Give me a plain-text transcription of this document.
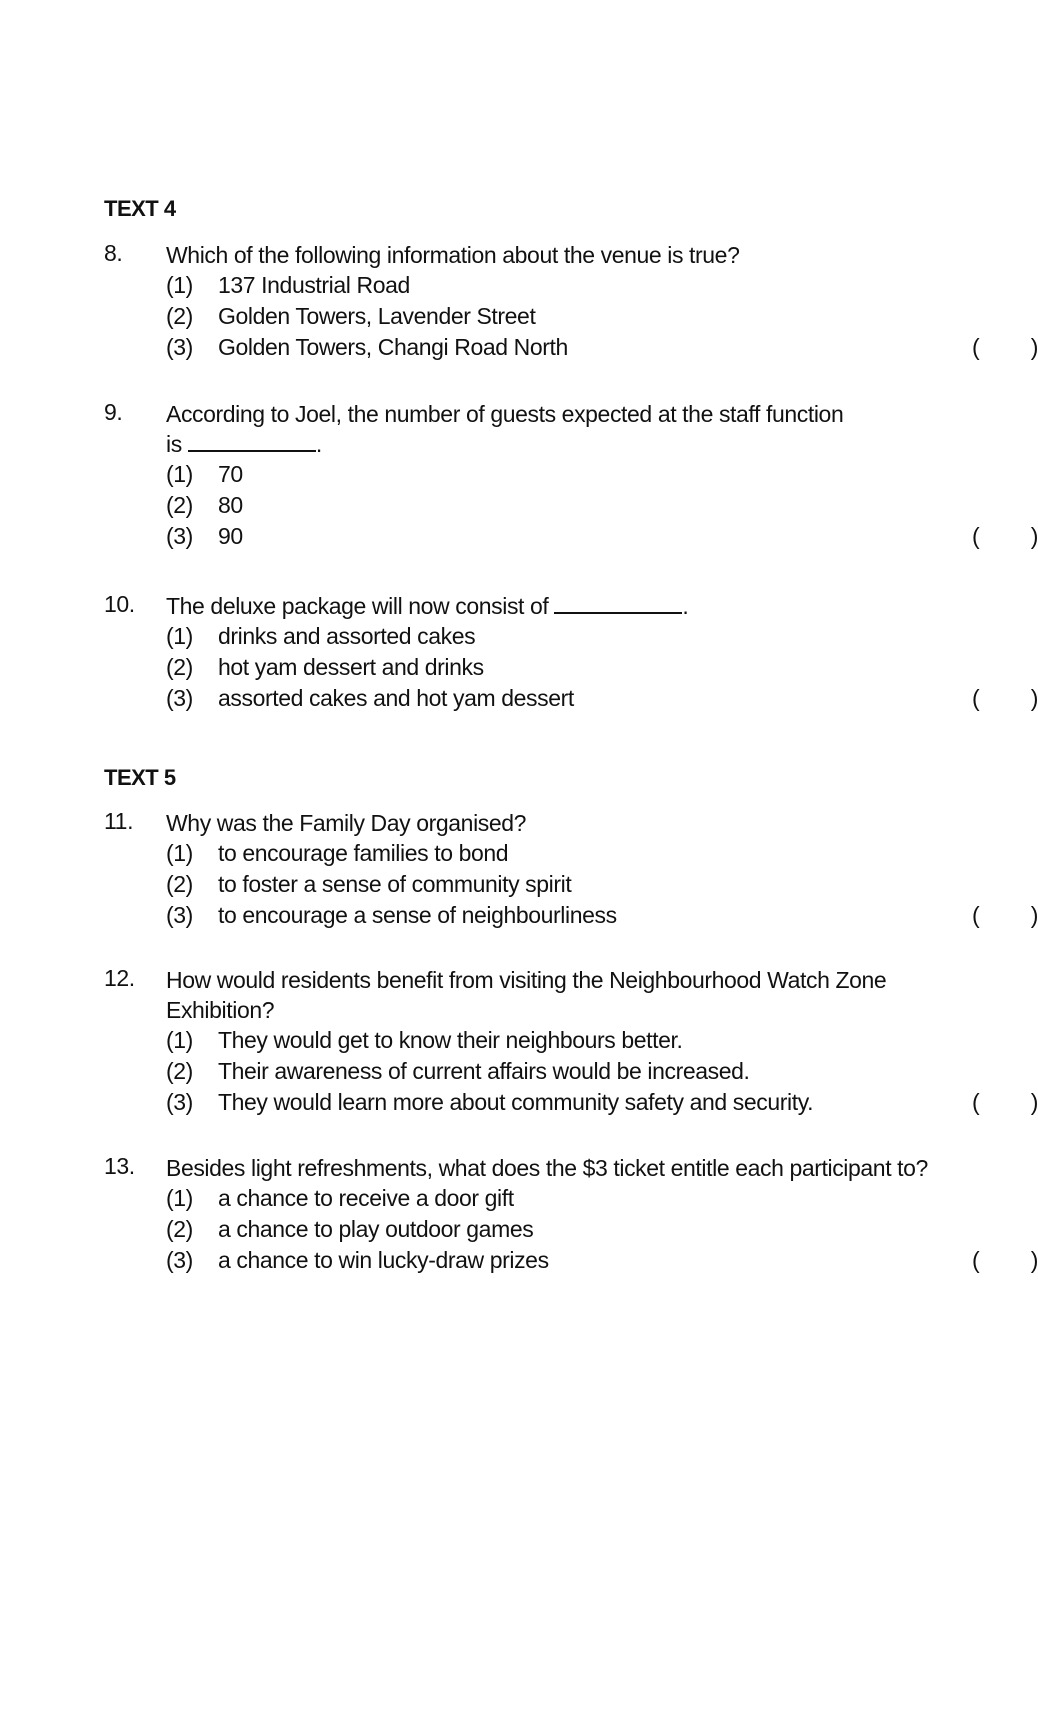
TEXT 4
8. Which of the following information about the venue is true?
(1) 137 Industrial Road
(2) Golden Towers, Lavender Street
(3) Golden Towers, Changi Road North	( )
9. According to Joel, the number of guests expected at the staff function
is	.
(1) 70
(2) 80
(3) 90	( )
10. The deluxe package will now consist of	.
(1) drinks and assorted cakes
(2) hot yam dessert and drinks
(3) assorted cakes and hot yam dessert	( )
TEXT 5
11. Why was the Family Day organised?
(1) to encourage families to bond
(2) to foster a sense of community spirit
(3) to encourage a sense of neighbourliness	( )
12. How would residents benefit from visiting the Neighbourhood Watch Zone
Exhibition?
(1) They would get to know their neighbours better.
(2) Their awareness of current affairs would be increased.
(3) They would learn more about community safety and security.	( )
13. Besides light refreshments, what does the $3 ticket entitle each participant to?
(1) a chance to receive a door gift
(2) a chance to play outdoor games
(3) a chance to win lucky-draw prizes	( )
